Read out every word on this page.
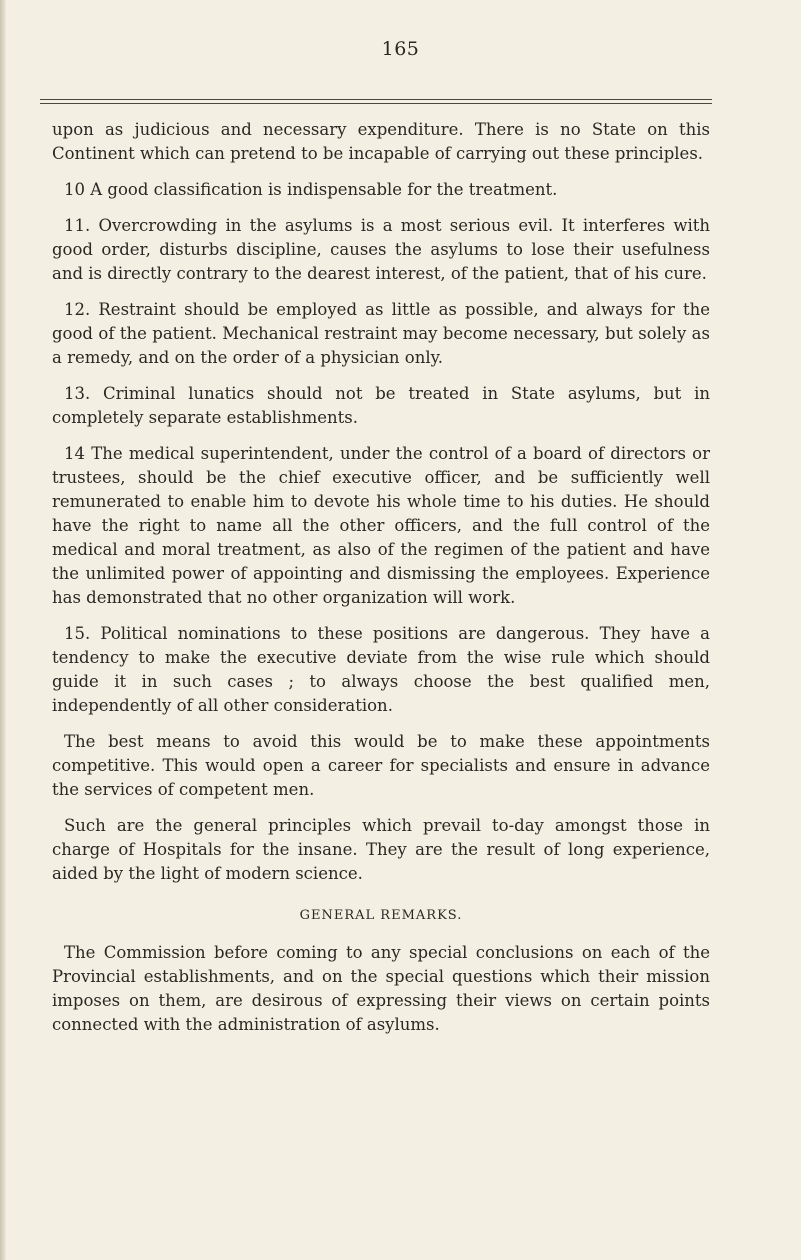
165

upon as judicious and necessary expenditure. There is no State on this Continent which can pretend to be incapable of carrying out these principles.

10 A good classification is indispensable for the treatment.

11. Overcrowding in the asylums is a most serious evil. It interferes with good order, disturbs discipline, causes the asylums to lose their usefulness and is directly contrary to the dearest interest, of the patient, that of his cure.

12. Restraint should be employed as little as possible, and always for the good of the patient. Mechanical restraint may become necessary, but solely as a remedy, and on the order of a physician only.

13. Criminal lunatics should not be treated in State asylums, but in completely separate establishments.

14 The medical superintendent, under the control of a board of directors or trustees, should be the chief executive officer, and be sufficiently well remunerated to enable him to devote his whole time to his duties. He should have the right to name all the other officers, and the full control of the medical and moral treatment, as also of the regimen of the patient and have the unlimited power of appointing and dismissing the employees. Experience has demonstrated that no other organization will work.

15. Political nominations to these positions are dangerous. They have a tendency to make the executive deviate from the wise rule which should guide it in such cases ; to always choose the best qualified men, independently of all other consideration.

The best means to avoid this would be to make these appointments competitive. This would open a career for specialists and ensure in advance the services of competent men.

Such are the general principles which prevail to-day amongst those in charge of Hospitals for the insane. They are the result of long experience, aided by the light of modern science.

GENERAL REMARKS.

The Commission before coming to any special conclusions on each of the Provincial establishments, and on the special questions which their mission imposes on them, are desirous of expressing their views on certain points connected with the administration of asylums.
